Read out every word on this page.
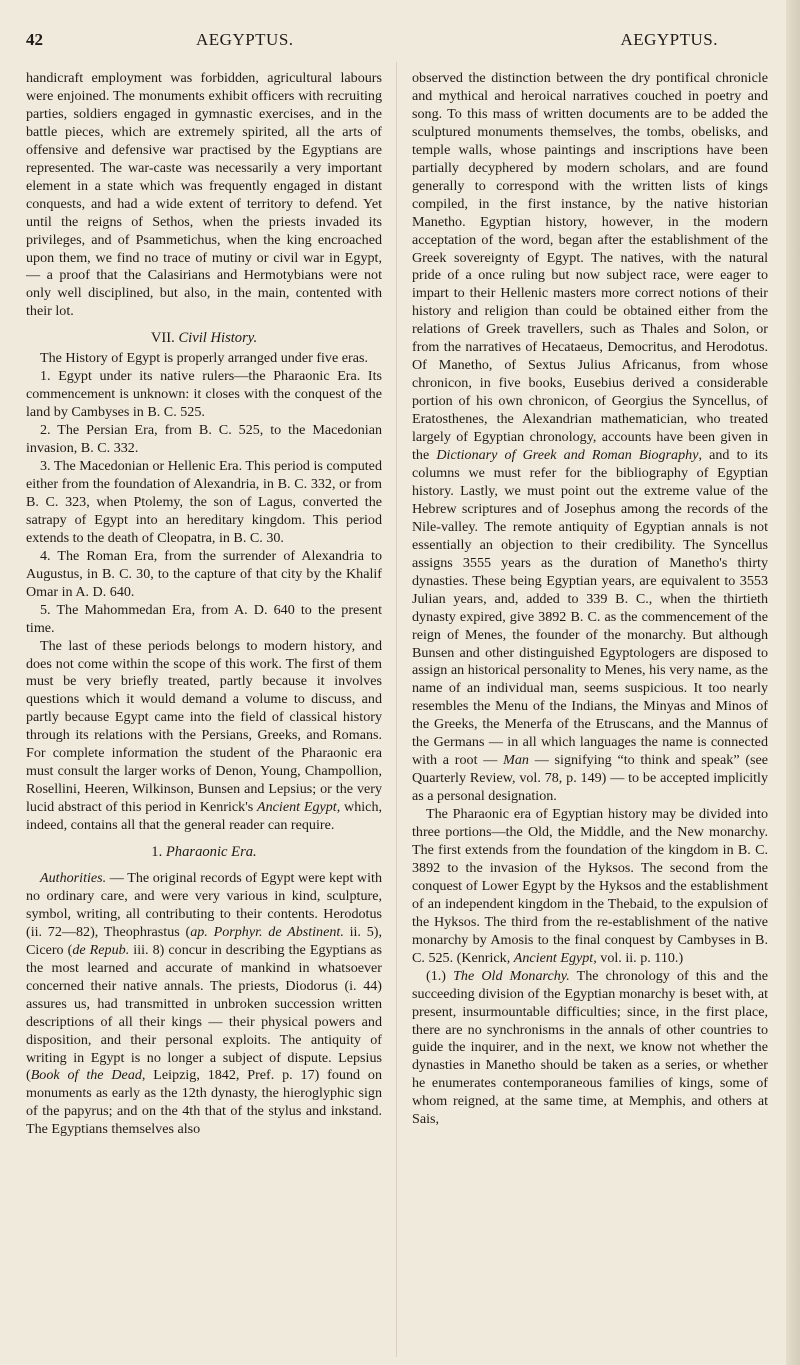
42	AEGYPTUS.	AEGYPTUS.

handicraft employment was forbidden, agricultural labours were enjoined. The monuments exhibit officers with recruiting parties, soldiers engaged in gymnastic exercises, and in the battle pieces, which are extremely spirited, all the arts of offensive and defensive war practised by the Egyptians are represented. The war-caste was necessarily a very important element in a state which was frequently engaged in distant conquests, and had a wide extent of territory to defend. Yet until the reigns of Sethos, when the priests invaded its privileges, and of Psammetichus, when the king encroached upon them, we find no trace of mutiny or civil war in Egypt, — a proof that the Calasirians and Hermotybians were not only well disciplined, but also, in the main, contented with their lot.

VII. Civil History.

The History of Egypt is properly arranged under five eras.

1. Egypt under its native rulers—the Pharaonic Era. Its commencement is unknown: it closes with the conquest of the land by Cambyses in B. C. 525.

2. The Persian Era, from B. C. 525, to the Macedonian invasion, B. C. 332.

3. The Macedonian or Hellenic Era. This period is computed either from the foundation of Alexandria, in B. C. 332, or from B. C. 323, when Ptolemy, the son of Lagus, converted the satrapy of Egypt into an hereditary kingdom. This period extends to the death of Cleopatra, in B. C. 30.

4. The Roman Era, from the surrender of Alexandria to Augustus, in B. C. 30, to the capture of that city by the Khalif Omar in A. D. 640.

5. The Mahommedan Era, from A. D. 640 to the present time.

The last of these periods belongs to modern history, and does not come within the scope of this work. The first of them must be very briefly treated, partly because it involves questions which it would demand a volume to discuss, and partly because Egypt came into the field of classical history through its relations with the Persians, Greeks, and Romans. For complete information the student of the Pharaonic era must consult the larger works of Denon, Young, Champollion, Rosellini, Heeren, Wilkinson, Bunsen and Lepsius; or the very lucid abstract of this period in Kenrick's Ancient Egypt, which, indeed, contains all that the general reader can require.

1. Pharaonic Era.

Authorities. — The original records of Egypt were kept with no ordinary care, and were very various in kind, sculpture, symbol, writing, all contributing to their contents. Herodotus (ii. 72—82), Theophrastus (ap. Porphyr. de Abstinent. ii. 5), Cicero (de Repub. iii. 8) concur in describing the Egyptians as the most learned and accurate of mankind in whatsoever concerned their native annals. The priests, Diodorus (i. 44) assures us, had transmitted in unbroken succession written descriptions of all their kings — their physical powers and disposition, and their personal exploits. The antiquity of writing in Egypt is no longer a subject of dispute. Lepsius (Book of the Dead, Leipzig, 1842, Pref. p. 17) found on monuments as early as the 12th dynasty, the hieroglyphic sign of the papyrus; and on the 4th that of the stylus and inkstand. The Egyptians themselves also

observed the distinction between the dry pontifical chronicle and mythical and heroical narratives couched in poetry and song. To this mass of written documents are to be added the sculptured monuments themselves, the tombs, obelisks, and temple walls, whose paintings and inscriptions have been partially decyphered by modern scholars, and are found generally to correspond with the written lists of kings compiled, in the first instance, by the native historian Manetho. Egyptian history, however, in the modern acceptation of the word, began after the establishment of the Greek sovereignty of Egypt. The natives, with the natural pride of a once ruling but now subject race, were eager to impart to their Hellenic masters more correct notions of their history and religion than could be obtained either from the relations of Greek travellers, such as Thales and Solon, or from the narratives of Hecataeus, Democritus, and Herodotus. Of Manetho, of Sextus Julius Africanus, from whose chronicon, in five books, Eusebius derived a considerable portion of his own chronicon, of Georgius the Syncellus, of Eratosthenes, the Alexandrian mathematician, who treated largely of Egyptian chronology, accounts have been given in the Dictionary of Greek and Roman Biography, and to its columns we must refer for the bibliography of Egyptian history. Lastly, we must point out the extreme value of the Hebrew scriptures and of Josephus among the records of the Nile-valley. The remote antiquity of Egyptian annals is not essentially an objection to their credibility. The Syncellus assigns 3555 years as the duration of Manetho's thirty dynasties. These being Egyptian years, are equivalent to 3553 Julian years, and, added to 339 B. C., when the thirtieth dynasty expired, give 3892 B. C. as the commencement of the reign of Menes, the founder of the monarchy. But although Bunsen and other distinguished Egyptologers are disposed to assign an historical personality to Menes, his very name, as the name of an individual man, seems suspicious. It too nearly resembles the Menu of the Indians, the Minyas and Minos of the Greeks, the Menerfa of the Etruscans, and the Mannus of the Germans — in all which languages the name is connected with a root — Man — signifying “to think and speak” (see Quarterly Review, vol. 78, p. 149) — to be accepted implicitly as a personal designation.

The Pharaonic era of Egyptian history may be divided into three portions—the Old, the Middle, and the New monarchy. The first extends from the foundation of the kingdom in B. C. 3892 to the invasion of the Hyksos. The second from the conquest of Lower Egypt by the Hyksos and the establishment of an independent kingdom in the Thebaid, to the expulsion of the Hyksos. The third from the re-establishment of the native monarchy by Amosis to the final conquest by Cambyses in B. C. 525. (Kenrick, Ancient Egypt, vol. ii. p. 110.)

(1.) The Old Monarchy. The chronology of this and the succeeding division of the Egyptian monarchy is beset with, at present, insurmountable difficulties; since, in the first place, there are no synchronisms in the annals of other countries to guide the inquirer, and in the next, we know not whether the dynasties in Manetho should be taken as a series, or whether he enumerates contemporaneous families of kings, some of whom reigned, at the same time, at Memphis, and others at Sais,
